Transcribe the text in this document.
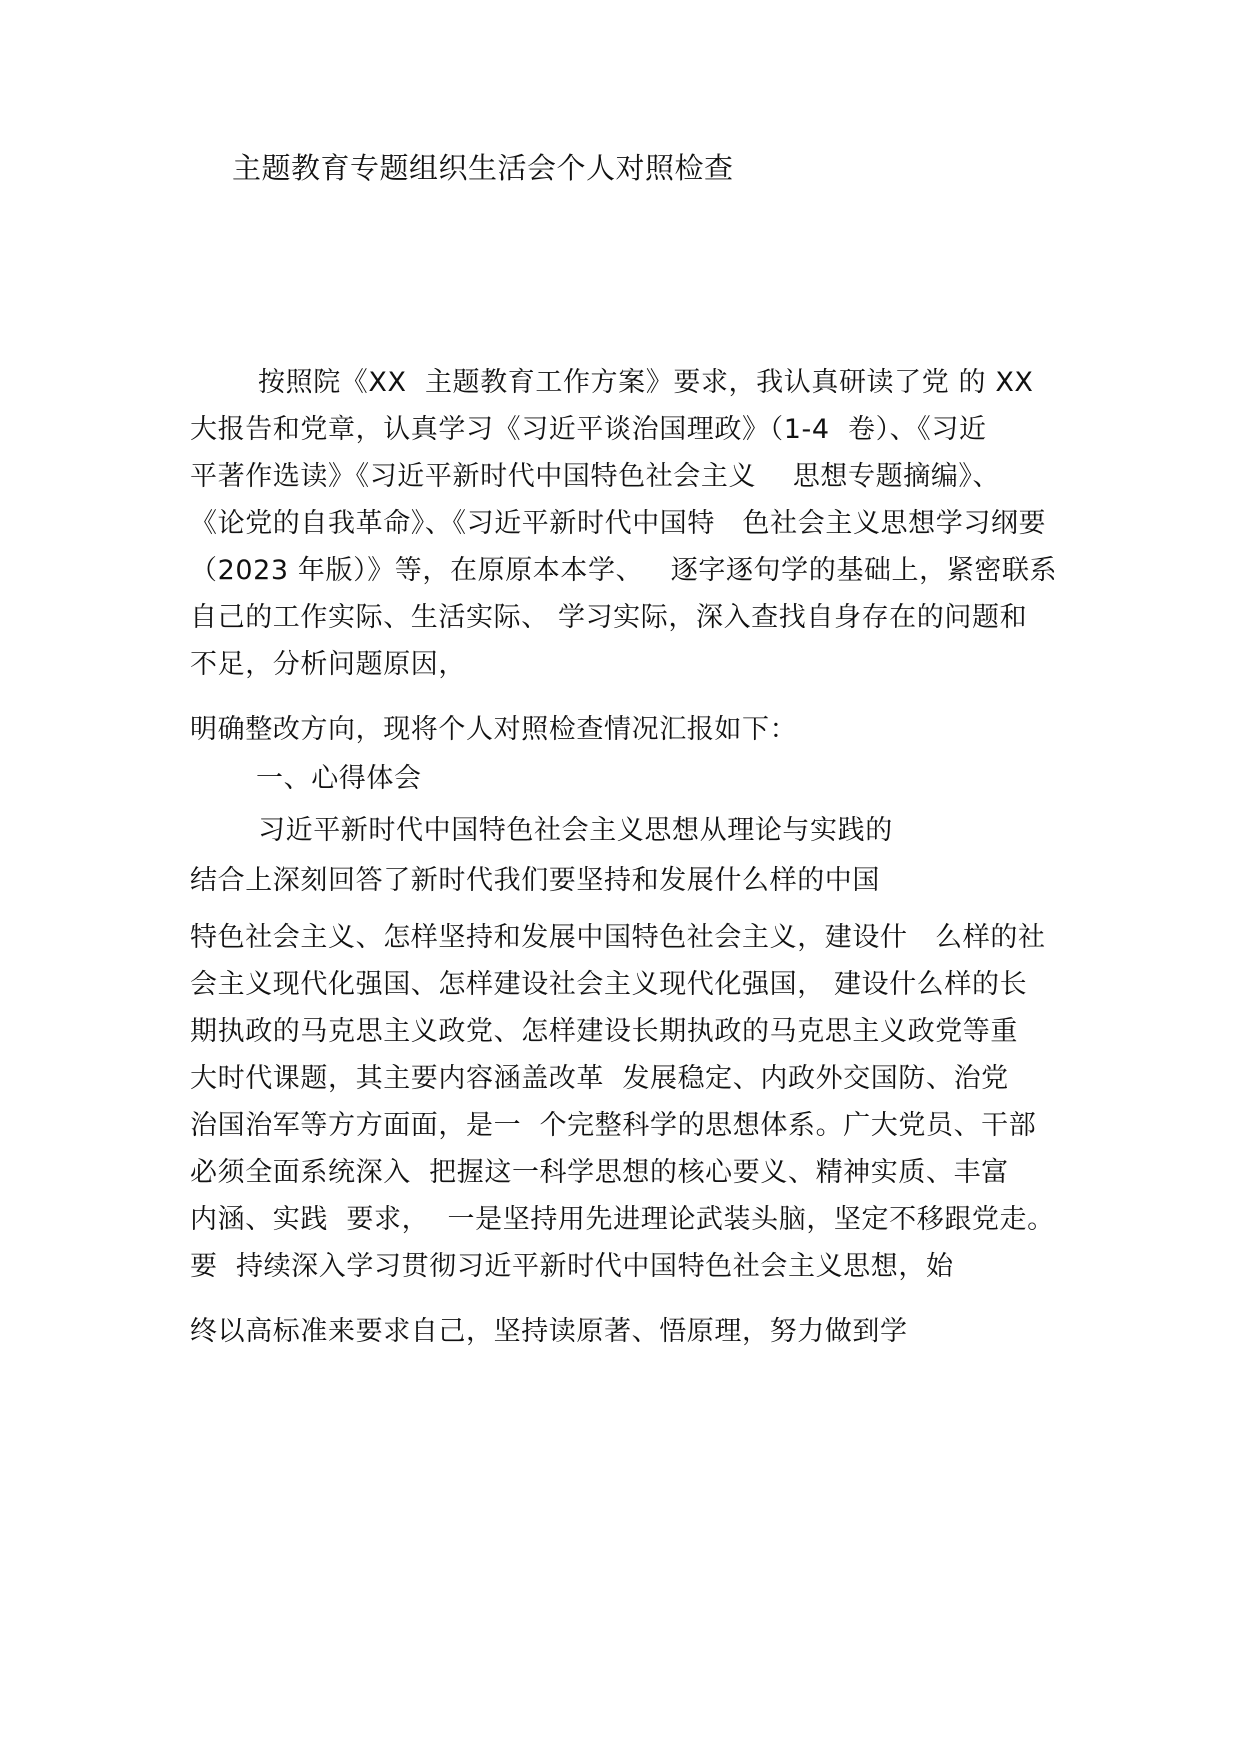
主题教育专题组织生活会个人对照检查
按照院《XX  主题教育工作方案》要求，我认真研读了党 的 XX
大报告和党章，认真学习《习近平谈治国理政》（1-4  卷）、《习近
平著作选读》《习近平新时代中国特色社会主义    思想专题摘编》、
《论党的自我革命》、《习近平新时代中国特   色社会主义思想学习纲要
（2023 年版）》等，在原原本本学、   逐字逐句学的基础上，紧密联系
自己的工作实际、生活实际、 学习实际，深入查找自身存在的问题和
不足，分析问题原因，
明确整改方向，现将个人对照检查情况汇报如下：
一、心得体会
习近平新时代中国特色社会主义思想从理论与实践的
结合上深刻回答了新时代我们要坚持和发展什么样的中国
特色社会主义、怎样坚持和发展中国特色社会主义，建设什   么样的社
会主义现代化强国、怎样建设社会主义现代化强国， 建设什么样的长
期执政的马克思主义政党、怎样建设长期执政的马克思主义政党等重
大时代课题，其主要内容涵盖改革  发展稳定、内政外交国防、治党
治国治军等方方面面，是一  个完整科学的思想体系。广大党员、干部
必须全面系统深入  把握这一科学思想的核心要义、精神实质、丰富
内涵、实践  要求，  一是坚持用先进理论武装头脑，坚定不移跟党走。
要  持续深入学习贯彻习近平新时代中国特色社会主义思想，始
终以高标准来要求自己，坚持读原著、悟原理，努力做到学
